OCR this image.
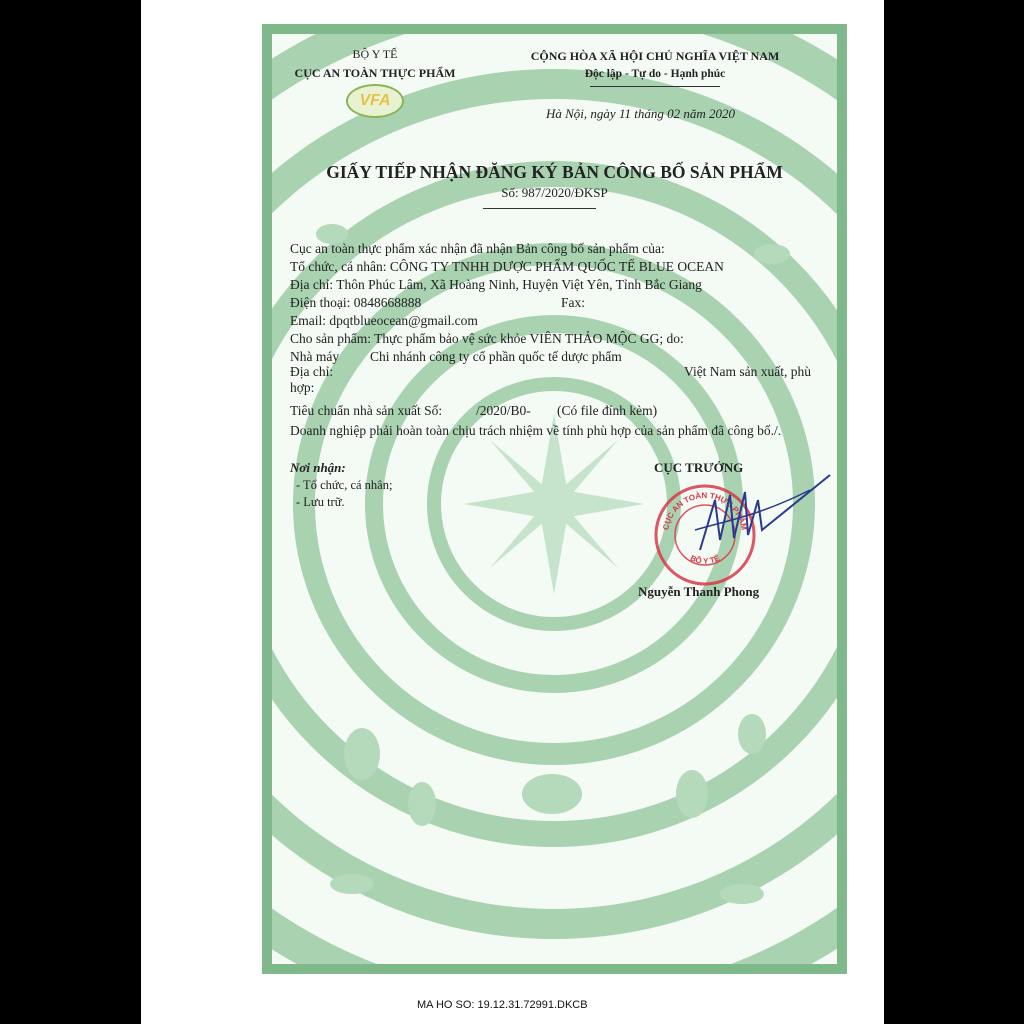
BỘ Y TẾ
CỤC AN TOÀN THỰC PHẨM
VFA
CỘNG HÒA XÃ HỘI CHỦ NGHĨA VIỆT NAM
Độc lập - Tự do - Hạnh phúc
Hà Nội, ngày 11 tháng 02 năm 2020
GIẤY TIẾP NHẬN ĐĂNG KÝ BẢN CÔNG BỐ SẢN PHẨM
Số: 987/2020/ĐKSP
Cục an toàn thực phẩm xác nhận đã nhận Bản công bố sản phẩm của:
Tổ chức, cá nhân: CÔNG TY TNHH DƯỢC PHẨM QUỐC TẾ BLUE OCEAN
Địa chỉ: Thôn Phúc Lâm, Xã Hoàng Ninh, Huyện Việt Yên, Tỉnh Bắc Giang
Điện thoại: 0848668888	Fax:
Email: dpqtblueocean@gmail.com
Cho sản phẩm: Thực phẩm bảo vệ sức khỏe VIÊN THẢO MỘC GG; do:
Nhà máy Chi nhánh công ty cổ phần quốc tế dược phẩm
Địa chỉ:	Việt Nam sản xuất, phù
hợp:
Tiêu chuẩn nhà sản xuất Số:	/2020/B0- (Có file đính kèm)
Doanh nghiệp phải hoàn toàn chịu trách nhiệm về tính phù hợp của sản phẩm đã công bố./.
Nơi nhận:
- Tổ chức, cá nhân;
- Lưu trữ.
CỤC TRƯỞNG
CỤC AN TOÀN THỰC PHẨM
BỘ Y TẾ
Nguyễn Thanh Phong
MA HO SO: 19.12.31.72991.DKCB
